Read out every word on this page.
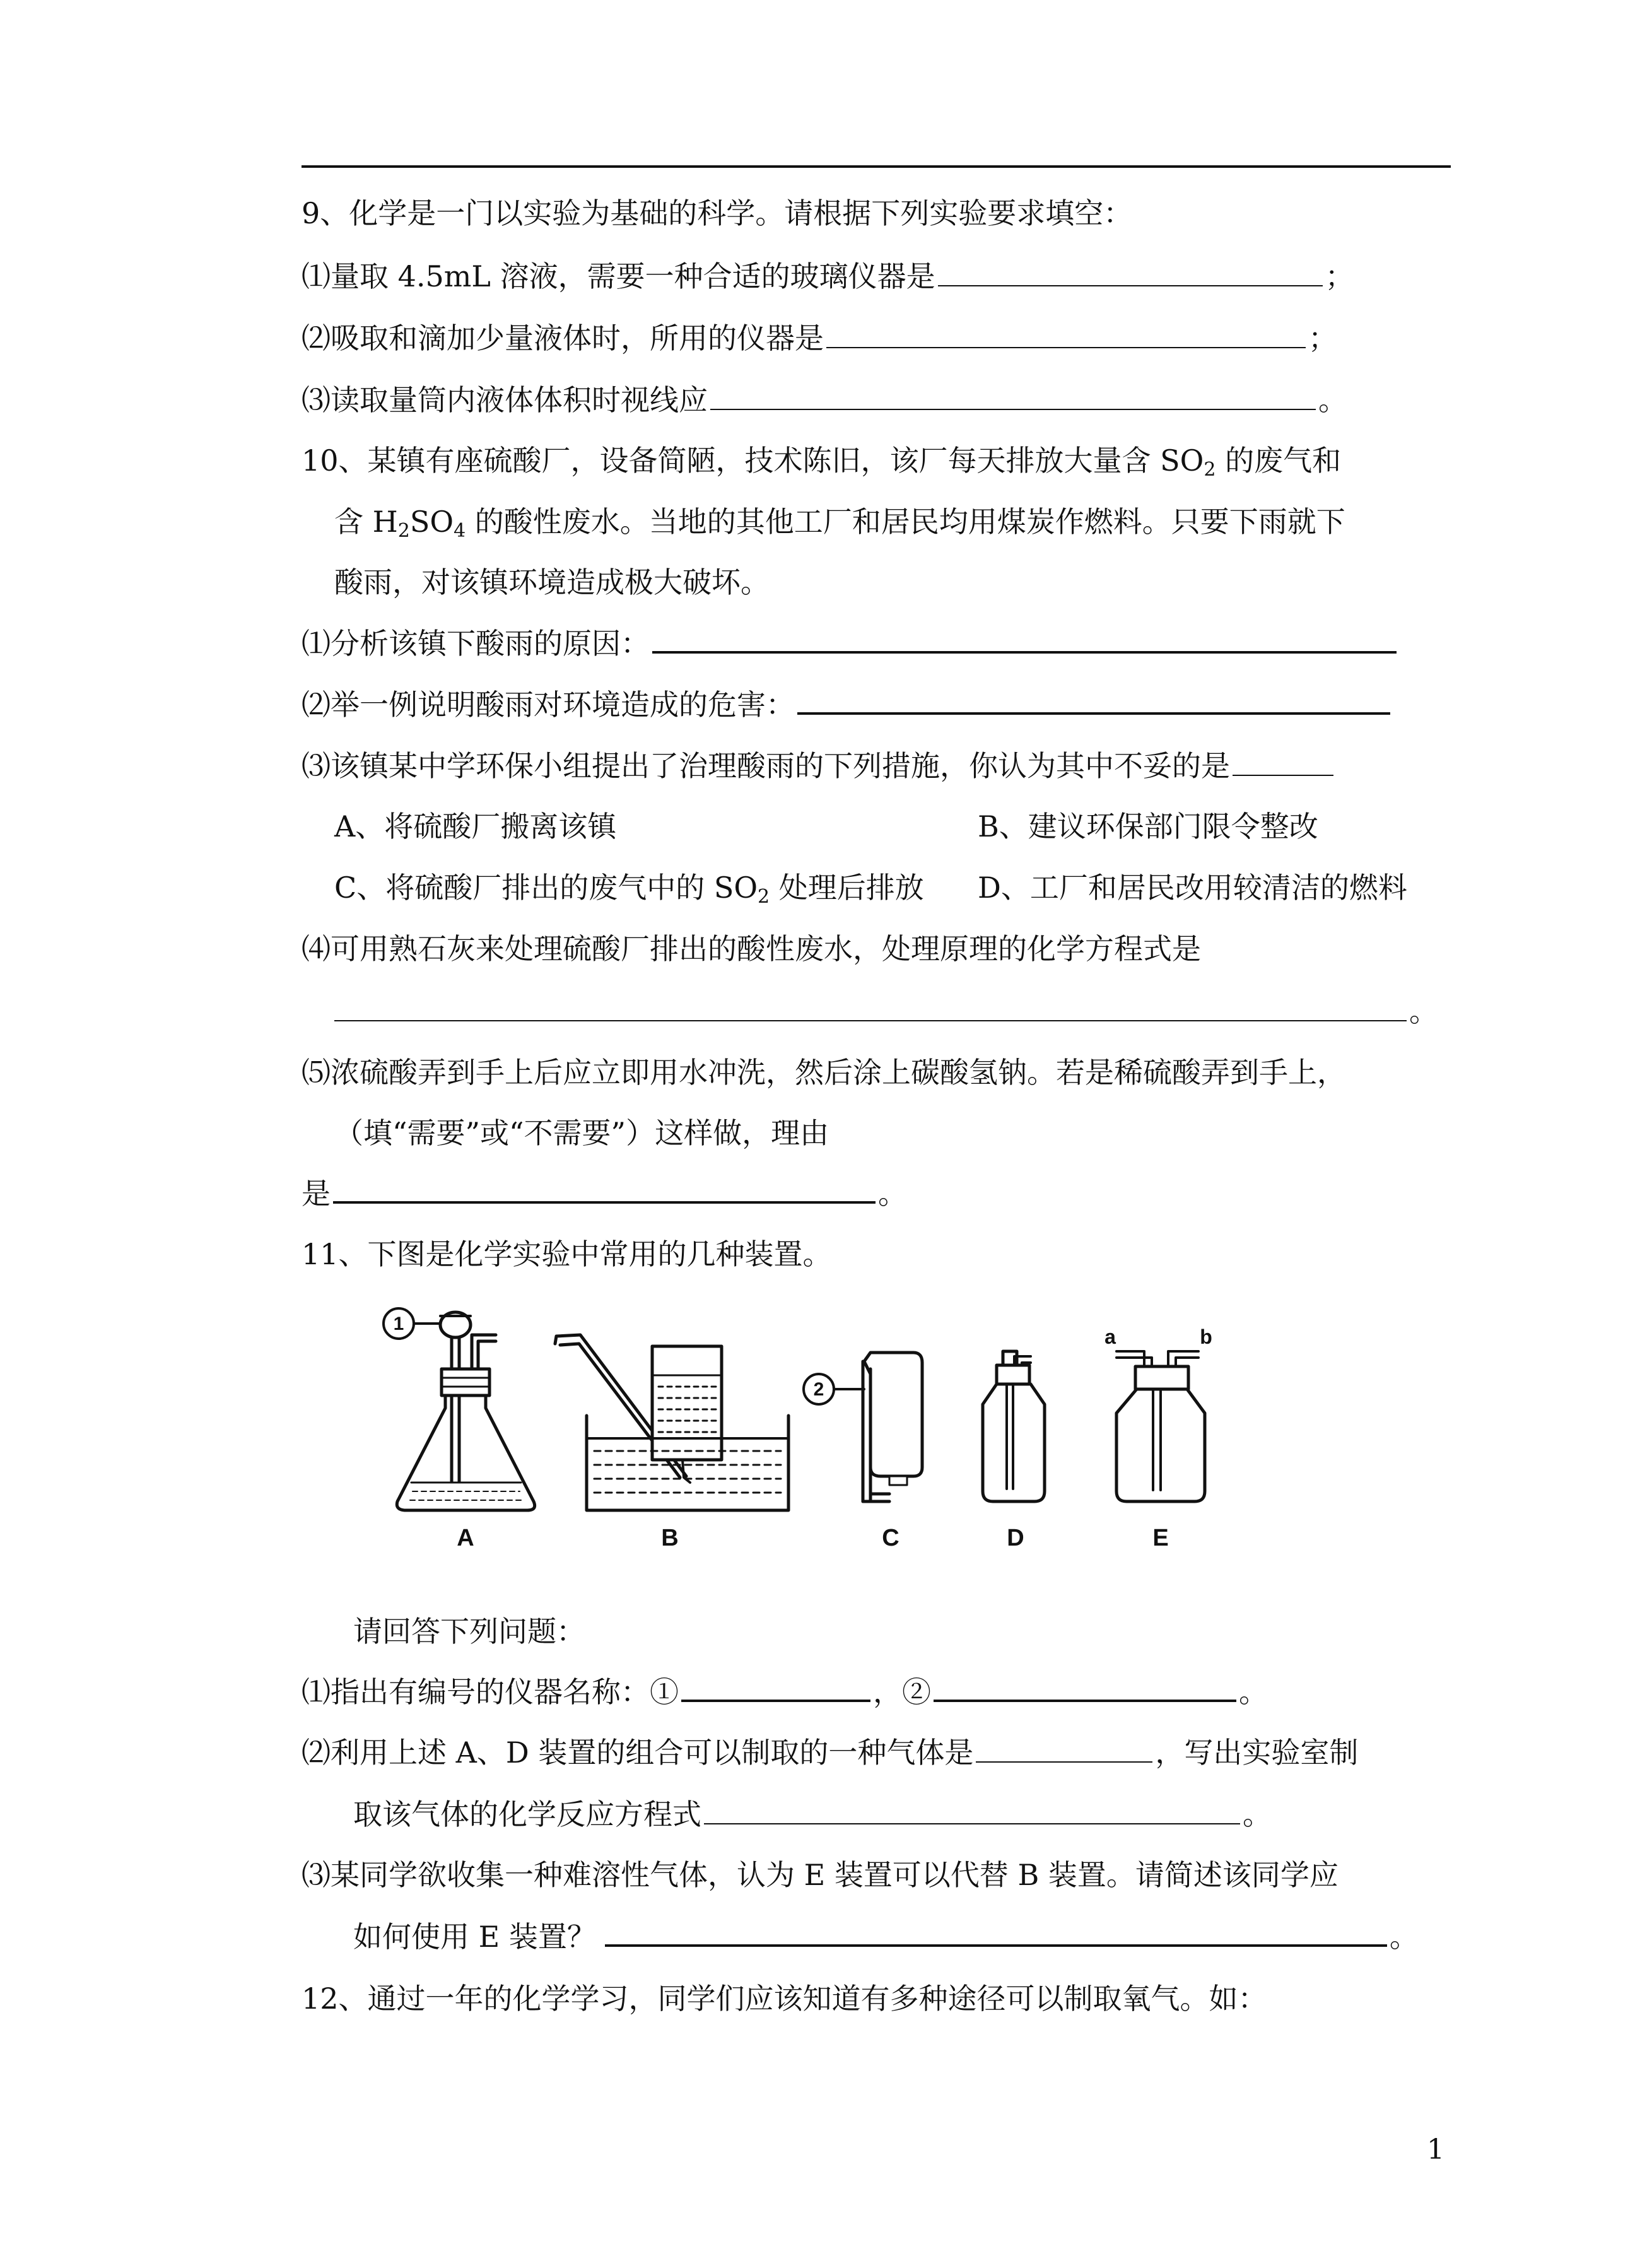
9、化学是一门以实验为基础的科学。请根据下列实验要求填空：
⑴量取 4.5mL 溶液，需要一种合适的玻璃仪器是	；
⑵吸取和滴加少量液体时，所用的仪器是	；
⑶读取量筒内液体体积时视线应	。
10、某镇有座硫酸厂，设备简陋，技术陈旧，该厂每天排放大量含 $SO_2$ 的废气和
含 $H_2SO_4$ 的酸性废水。当地的其他工厂和居民均用煤炭作燃料。只要下雨就下
酸雨，对该镇环境造成极大破坏。
⑴分析该镇下酸雨的原因：
⑵举一例说明酸雨对环境造成的危害：
⑶该镇某中学环保小组提出了治理酸雨的下列措施，你认为其中不妥的是
A、将硫酸厂搬离该镇	B、建议环保部门限令整改
C、将硫酸厂排出的废气中的 $SO_2$ 处理后排放 D、工厂和居民改用较清洁的燃料
⑷可用熟石灰来处理硫酸厂排出的酸性废水，处理原理的化学方程式是
。
⑸浓硫酸弄到手上后应立即用水冲洗，然后涂上碳酸氢钠。若是稀硫酸弄到手上，
（填“需要”或“不需要”）这样做，理由
是	。
11、下图是化学实验中常用的几种装置。
1
2
a	b
A	B	C	D	E
请回答下列问题：
⑴指出有编号的仪器名称：①	，②	。
⑵利用上述 A、D 装置的组合可以制取的一种气体是	，写出实验室制
取该气体的化学反应方程式	。
⑶某同学欲收集一种难溶性气体，认为 E 装置可以代替 B 装置。请简述该同学应
如何使用 E 装置？	。
12、通过一年的化学学习，同学们应该知道有多种途径可以制取氧气。如：
1
